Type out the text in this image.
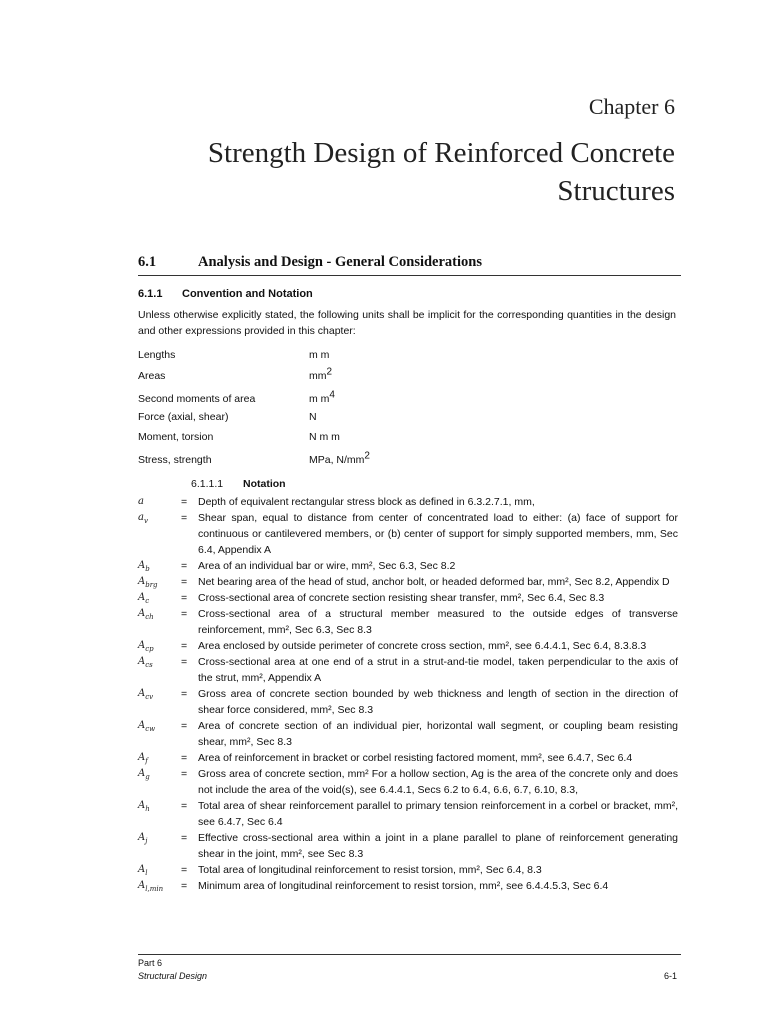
Chapter 6
Strength Design of Reinforced Concrete
Structures
6.1	Analysis and Design - General Considerations
6.1.1 Convention and Notation
Unless otherwise explicitly stated, the following units shall be implicit for the corresponding quantities in the design and other expressions provided in this chapter:
Lengths	m m
Areas	$mm^2$
Second moments of area	m $m^4$
Force (axial, shear)	N
Moment, torsion	N m m
Stress, strength	MPa, $N/mm^2$
6.1.1.1 Notation
a	=	Depth of equivalent rectangular stress block as defined in 6.3.2.7.1, mm,
$a_v$	=	Shear span, equal to distance from center of concentrated load to either: (a) face of support for continuous or cantilevered members, or (b) center of support for simply supported members, mm, Sec 6.4, Appendix A
$A_b$	=	Area of an individual bar or wire, mm², Sec 6.3, Sec 8.2
$A_{brg}$	=	Net bearing area of the head of stud, anchor bolt, or headed deformed bar, mm², Sec 8.2, Appendix D
$A_c$	=	Cross-sectional area of concrete section resisting shear transfer, mm², Sec 6.4, Sec 8.3
$A_{ch}$	=	Cross-sectional area of a structural member measured to the outside edges of transverse reinforcement, mm², Sec 6.3, Sec 8.3
$A_{cp}$	=	Area enclosed by outside perimeter of concrete cross section, mm², see 6.4.4.1, Sec 6.4, 8.3.8.3
$A_{cs}$	=	Cross-sectional area at one end of a strut in a strut-and-tie model, taken perpendicular to the axis of the strut, mm², Appendix A
$A_{cv}$	=	Gross area of concrete section bounded by web thickness and length of section in the direction of shear force considered, mm², Sec 8.3
$A_{cw}$	=	Area of concrete section of an individual pier, horizontal wall segment, or coupling beam resisting shear, mm², Sec 8.3
$A_f$	=	Area of reinforcement in bracket or corbel resisting factored moment, mm², see 6.4.7, Sec 6.4
$A_g$	=	Gross area of concrete section, mm² For a hollow section, Ag is the area of the concrete only and does not include the area of the void(s), see 6.4.4.1, Secs 6.2 to 6.4, 6.6, 6.7, 6.10, 8.3,
$A_h$	=	Total area of shear reinforcement parallel to primary tension reinforcement in a corbel or bracket, mm², see 6.4.7, Sec 6.4
$A_j$	=	Effective cross-sectional area within a joint in a plane parallel to plane of reinforcement generating shear in the joint, mm², see Sec 8.3
$A_l$	=	Total area of longitudinal reinforcement to resist torsion, mm², Sec 6.4, 8.3
$A_{l,min}$	=	Minimum area of longitudinal reinforcement to resist torsion, mm², see 6.4.4.5.3, Sec 6.4
Part 6
Structural Design	6-1
